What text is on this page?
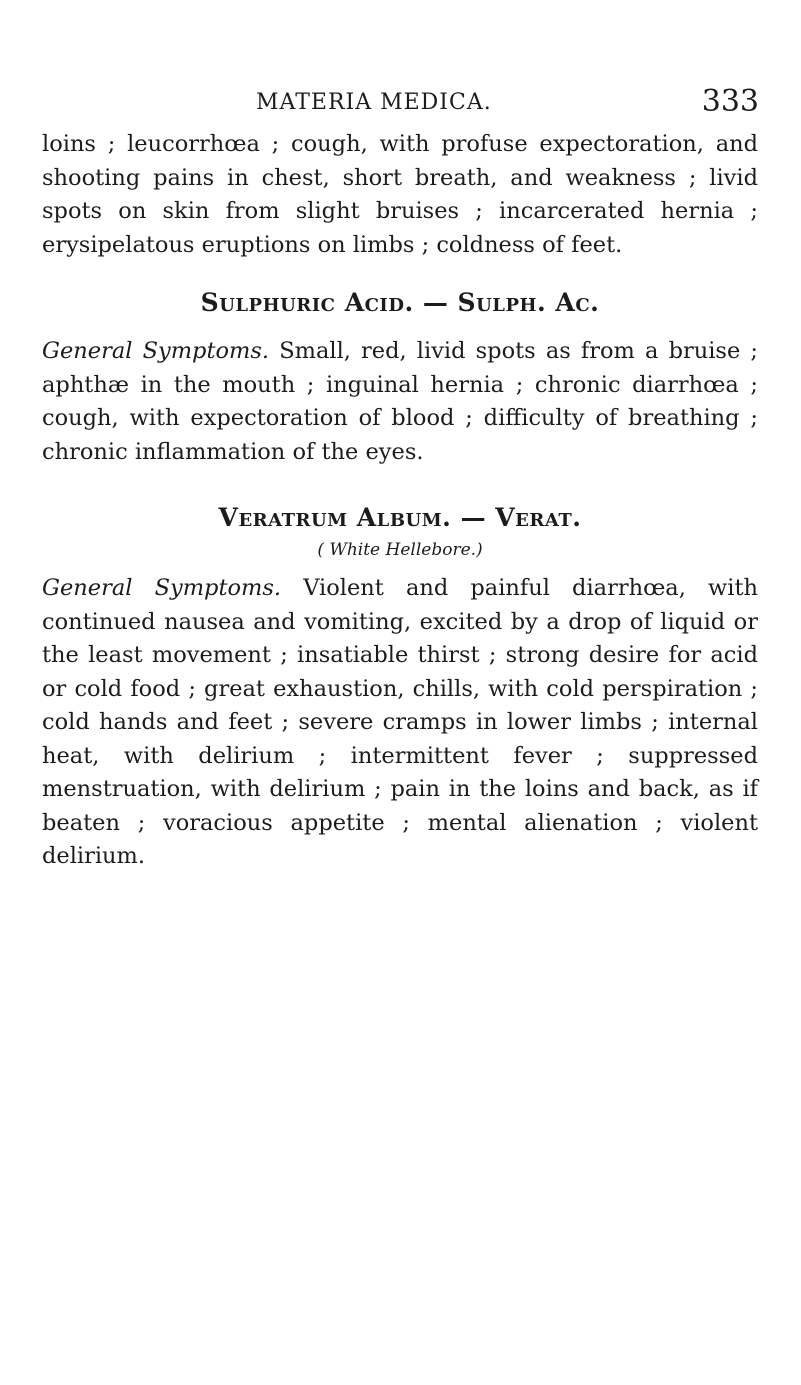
MATERIA MEDICA.	333

loins ; leucorrhœa ; cough, with profuse expectoration, and shooting pains in chest, short breath, and weakness ; livid spots on skin from slight bruises ; incarcerated hernia ; erysipelatous eruptions on limbs ; coldness of feet.

Sulphuric Acid. — Sulph. Ac.

General Symptoms. Small, red, livid spots as from a bruise ; aphthæ in the mouth ; inguinal hernia ; chronic diarrhœa ; cough, with expectoration of blood ; difficulty of breathing ; chronic inflammation of the eyes.

Veratrum Album. — Verat.
( White Hellebore.)

General Symptoms. Violent and painful diarrhœa, with continued nausea and vomiting, excited by a drop of liquid or the least movement ; insatiable thirst ; strong desire for acid or cold food ; great exhaustion, chills, with cold perspiration ; cold hands and feet ; severe cramps in lower limbs ; internal heat, with delirium ; intermittent fever ; suppressed menstruation, with delirium ; pain in the loins and back, as if beaten ; voracious appetite ; mental alienation ; violent delirium.
